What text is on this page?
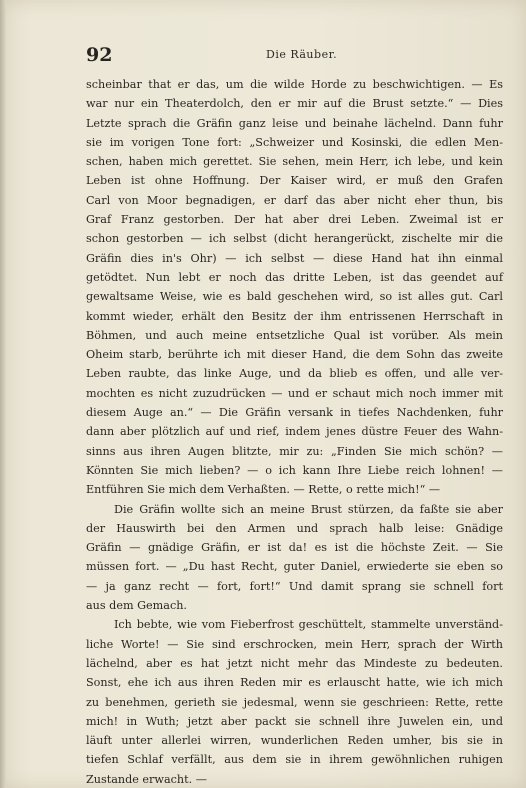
92	Die Räuber.
scheinbar that er das, um die wilde Horde zu beschwichtigen. — Es
war nur ein Theaterdolch, den er mir auf die Brust setzte.“ — Dies
Letzte sprach die Gräfin ganz leise und beinahe lächelnd. Dann fuhr
sie im vorigen Tone fort: „Schweizer und Kosinski, die edlen Men-
schen, haben mich gerettet. Sie sehen, mein Herr, ich lebe, und kein
Leben ist ohne Hoffnung. Der Kaiser wird, er muß den Grafen
Carl von Moor begnadigen, er darf das aber nicht eher thun, bis
Graf Franz gestorben. Der hat aber drei Leben. Zweimal ist er
schon gestorben — ich selbst (dicht herangerückt, zischelte mir die
Gräfin dies in's Ohr) — ich selbst — diese Hand hat ihn einmal
getödtet. Nun lebt er noch das dritte Leben, ist das geendet auf
gewaltsame Weise, wie es bald geschehen wird, so ist alles gut. Carl
kommt wieder, erhält den Besitz der ihm entrissenen Herrschaft in
Böhmen, und auch meine entsetzliche Qual ist vorüber. Als mein
Oheim starb, berührte ich mit dieser Hand, die dem Sohn das zweite
Leben raubte, das linke Auge, und da blieb es offen, und alle ver-
mochten es nicht zuzudrücken — und er schaut mich noch immer mit
diesem Auge an.“ — Die Gräfin versank in tiefes Nachdenken, fuhr
dann aber plötzlich auf und rief, indem jenes düstre Feuer des Wahn-
sinns aus ihren Augen blitzte, mir zu: „Finden Sie mich schön? —
Könnten Sie mich lieben? — o ich kann Ihre Liebe reich lohnen! —
Entführen Sie mich dem Verhaßten. — Rette, o rette mich!“ —
Die Gräfin wollte sich an meine Brust stürzen, da faßte sie aber
der Hauswirth bei den Armen und sprach halb leise: Gnädige
Gräfin — gnädige Gräfin, er ist da! es ist die höchste Zeit. — Sie
müssen fort. — „Du hast Recht, guter Daniel, erwiederte sie eben so
— ja ganz recht — fort, fort!“ Und damit sprang sie schnell fort
aus dem Gemach.
Ich bebte, wie vom Fieberfrost geschüttelt, stammelte unverständ-
liche Worte! — Sie sind erschrocken, mein Herr, sprach der Wirth
lächelnd, aber es hat jetzt nicht mehr das Mindeste zu bedeuten.
Sonst, ehe ich aus ihren Reden mir es erlauscht hatte, wie ich mich
zu benehmen, gerieth sie jedesmal, wenn sie geschrieen: Rette, rette
mich! in Wuth; jetzt aber packt sie schnell ihre Juwelen ein, und
läuft unter allerlei wirren, wunderlichen Reden umher, bis sie in
tiefen Schlaf verfällt, aus dem sie in ihrem gewöhnlichen ruhigen
Zustande erwacht. —
